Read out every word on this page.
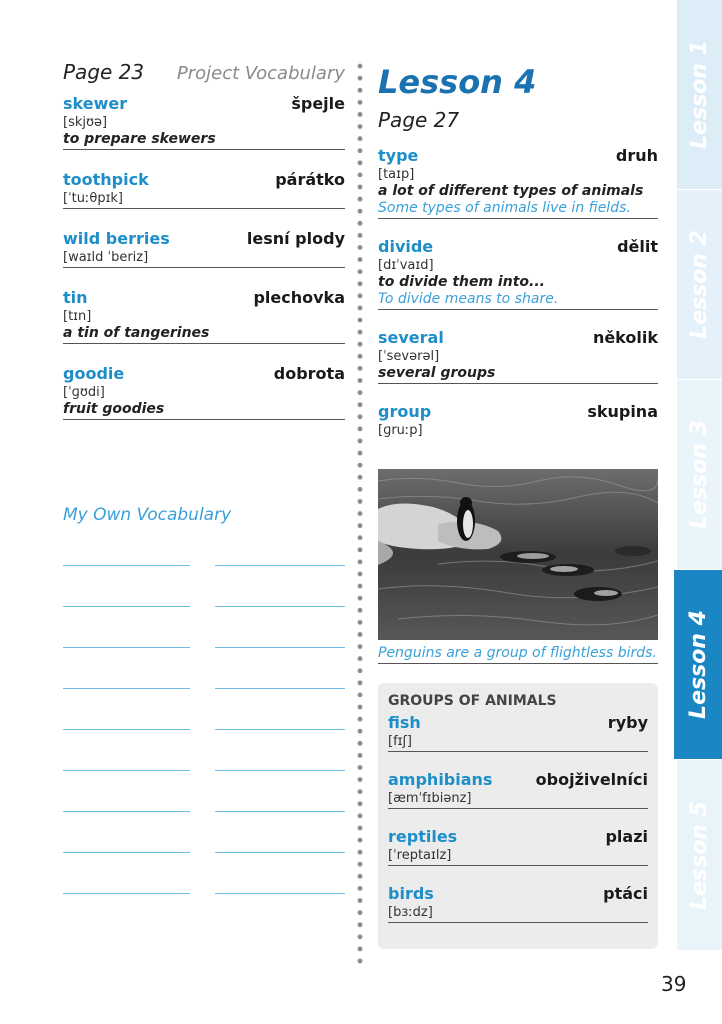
Page 23 Project Vocabulary
skewer	špejle
[skjʊə]
to prepare skewers
toothpick	párátko
[ˈtuːθpɪk]
wild berries	lesní plody
[waɪld ˈberiz]
tin	plechovka
[tɪn]
a tin of tangerines
goodie	dobrota
[ˈɡʊdi]
fruit goodies
My Own Vocabulary
Lesson 4
Page 27
type	druh
[taɪp]
a lot of different types of animals
Some types of animals live in fields.
divide	dělit
[dɪˈvaɪd]
to divide them into...
To divide means to share.
several	několik
[ˈsevərəl]
several groups
group	skupina
[ɡruːp]
Penguins are a group of flightless birds.
GROUPS OF ANIMALS
fish	ryby
[fɪʃ]
amphibians	obojživelníci
[æmˈfɪbiənz]
reptiles	plazi
[ˈreptaɪlz]
birds	ptáci
[bɜːdz]
39
Lesson 1
Lesson 2
Lesson 3
Lesson 4
Lesson 5
